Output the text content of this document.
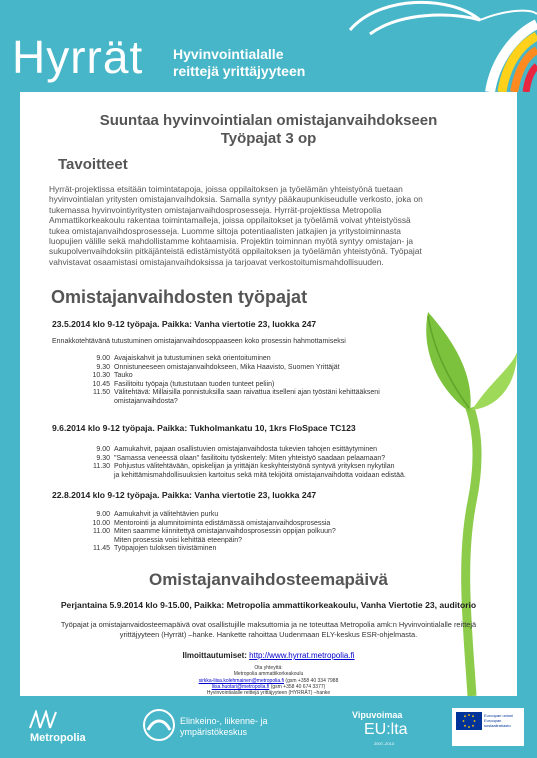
Hyrrät Hyvinvointialalle
reittejä yrittäjyyteen
Suuntaa hyvinvointialan omistajanvaihdokseen
Työpajat 3 op
Tavoitteet
Hyrrät-projektissa etsitään toimintatapoja, joissa oppilaitoksen ja työelämän yhteistyönä tuetaan
hyvinvointialan yritysten omistajanvaihdoksia. Samalla syntyy pääkaupunkiseudulle verkosto, joka on
tukemassa hyvinvointiyritysten omistajanvaihdosprosesseja. Hyrrät-projektissa Metropolia
Ammattikorkeakoulu rakentaa toimintamalleja, joissa oppilaitokset ja työelämä voivat yhteistyössä
tukea omistajanvaihdosprosesseja. Luomme siltoja potentiaalisten jatkajien ja yritystoiminnasta
luopujien välille sekä mahdollistamme kohtaamisia. Projektin toiminnan myötä syntyy omistajan- ja
sukupolvenvaihdoksiin pitkäjänteistä edistämistyötä oppilaitoksen ja työelämän yhteistyönä. Työpajat
vahvistavat osaamistasi omistajanvaihdoksissa ja tarjoavat verkostoitumismahdollisuuden.
Omistajanvaihdosten työpajat
23.5.2014 klo 9-12 työpaja. Paikka: Vanha viertotie 23, luokka 247
Ennakkotehtävänä tutustuminen omistajanvaihdosoppaaseen koko prosessin hahmottamiseksi
9.00 Avajaiskahvit ja tutustuminen sekä orientoituminen
9.30 Onnistuneeseen omistajanvaihdokseen, Mika Haavisto, Suomen Yrittäjät
10.30 Tauko
10.45 Fasilitoitu työpaja (tutustutaan tuoden tunteet peliin)
11.50 Välitehtävä: Millaisilla ponnistuksilla saan raivattua itselleni ajan työstäni kehittääkseni
omistajanvaihdosta?
9.6.2014 klo 9-12 työpaja. Paikka: Tukholmankatu 10, 1krs FloSpace TC123
9.00 Aamukahvit, pajaan osallistuvien omistajanvaihdosta tukevien tahojen esittäytyminen
9.30 "Samassa veneessä olaan" fasilitoitu työskentely: Miten yhteistyö saadaan pelaamaan?
11.30 Pohjustus välitehtävään, opiskelijan ja yrittäjän keskyhteistyönä syntyvä yrityksen nykytilan
ja kehittämismahdollisuuksien kartoitus sekä mitä tekijöitä omistajanvaihdotta voidaan edistää.
22.8.2014 klo 9-12 työpaja. Paikka: Vanha viertotie 23, luokka 247
9.00 Aamukahvit ja välitehtävien purku
10.00 Mentorointi ja alumnitoiminta edistämässä omistajanvaihdosprosessia
11.00 Miten saamme kiinnitettyä omistajanvaihdosprosessin oppijan polkuun?
Miten prosessia voisi kehittää eteenpäin?
11.45 Työpajojen tuloksen tiivistäminen
Omistajanvaihdosteemapäivä
Perjantaina 5.9.2014 klo 9-15.00, Paikka: Metropolia ammattikorkeakoulu, Vanha Viertotie 23, auditorio
Työpajat ja omistajanvaidosteemapäivä ovat osallistujille maksuttomia ja ne toteuttaa Metropolia amk:n Hyvinvointialalle reittejä
yrittäjyyteen (Hyrrät) –hanke. Hankette rahoittaa Uudenmaan ELY-keskus ESR-ohjelmasta.
Ilmoittautumiset: http://www.hyrrat.metropolia.fi
Ota yhteyttä:
Metropolia ammattikorkeakoulu
sirkka-liisa.kolehmainen@metropolia.fi (gsm +358 40 334 7988
liisa.huotari@metropolia.fi (gsm +358 40 674 3377)
Hyvinvointialalle reittejä yrittäjyyteen (HYRRÄT) –hanke
Metropolia
Elinkeino-, liikenne- ja
ympäristökeskus
Vipuvoimaa
EU:lta
2007–2013
Euroopan unioni
Euroopan sosiaalirahasto
